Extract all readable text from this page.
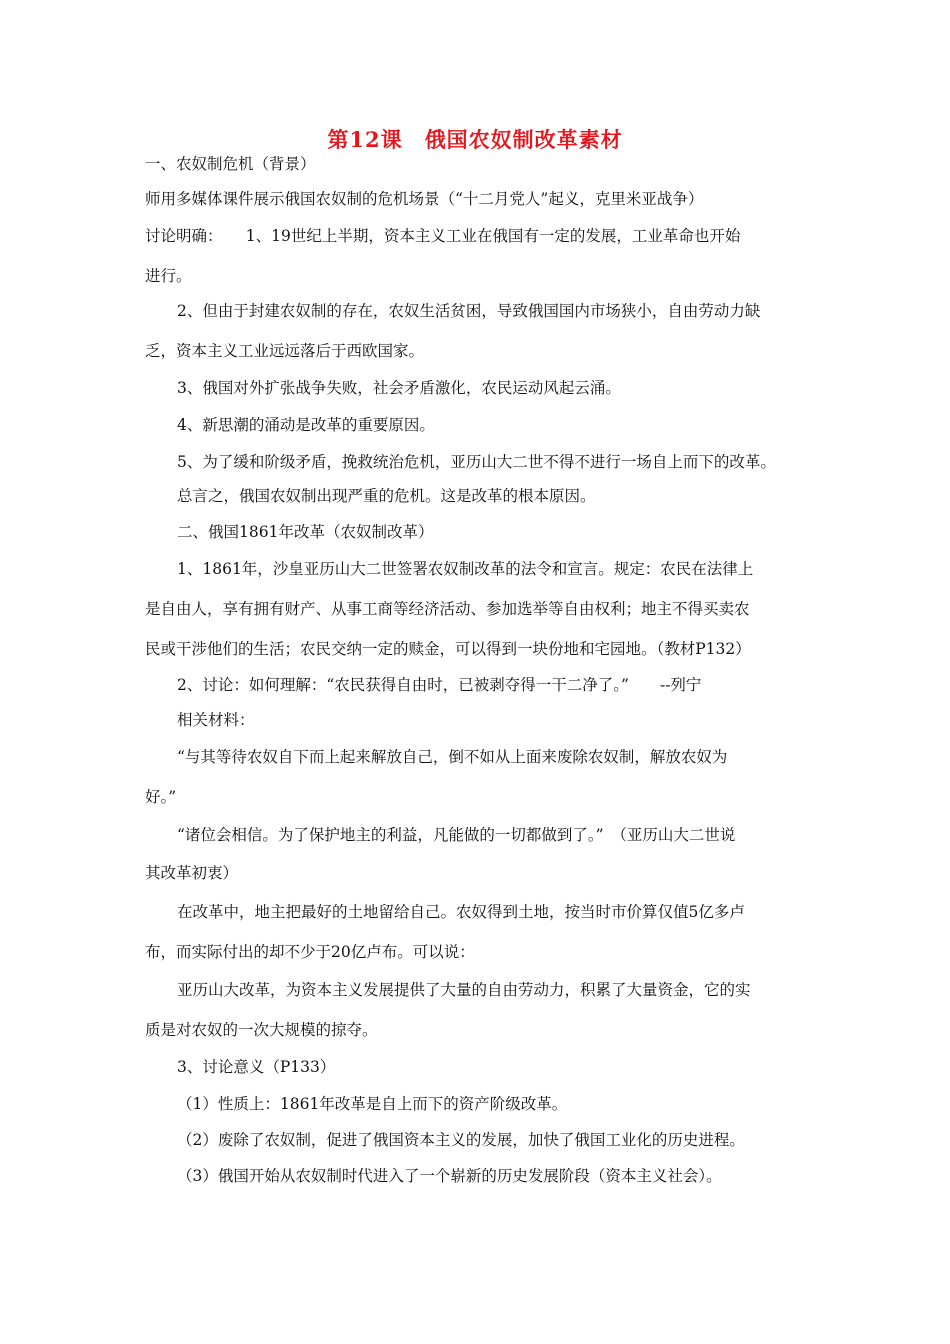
第12课　俄国农奴制改革素材
一、农奴制危机（背景）
师用多媒体课件展示俄国农奴制的危机场景（“十二月党人”起义，克里米亚战争）
讨论明确：　　1、19世纪上半期，资本主义工业在俄国有一定的发展，工业革命也开始
进行。
2、但由于封建农奴制的存在，农奴生活贫困，导致俄国国内市场狭小，自由劳动力缺
乏，资本主义工业远远落后于西欧国家。
3、俄国对外扩张战争失败，社会矛盾激化，农民运动风起云涌。
4、新思潮的涌动是改革的重要原因。
5、为了缓和阶级矛盾，挽救统治危机，亚历山大二世不得不进行一场自上而下的改革。
总言之，俄国农奴制出现严重的危机。这是改革的根本原因。
二、俄国1861年改革（农奴制改革）
1、1861年，沙皇亚历山大二世签署农奴制改革的法令和宣言。规定：农民在法律上
是自由人，享有拥有财产、从事工商等经济活动、参加选举等自由权利；地主不得买卖农
民或干涉他们的生活；农民交纳一定的赎金，可以得到一块份地和宅园地。（教材P132）
2、讨论：如何理解：“农民获得自由时，已被剥夺得一干二净了。”　　--列宁
相关材料：
“与其等待农奴自下而上起来解放自己，倒不如从上面来废除农奴制，解放农奴为
好。”
“诸位会相信。为了保护地主的利益，凡能做的一切都做到了。”　（亚历山大二世说
其改革初衷）
在改革中，地主把最好的土地留给自己。农奴得到土地，按当时市价算仅值5亿多卢
布，而实际付出的却不少于20亿卢布。可以说：
亚历山大改革，为资本主义发展提供了大量的自由劳动力，积累了大量资金，它的实
质是对农奴的一次大规模的掠夺。
3、讨论意义（P133）
（1）性质上：1861年改革是自上而下的资产阶级改革。
（2）废除了农奴制，促进了俄国资本主义的发展，加快了俄国工业化的历史进程。
（3）俄国开始从农奴制时代进入了一个崭新的历史发展阶段（资本主义社会）。
